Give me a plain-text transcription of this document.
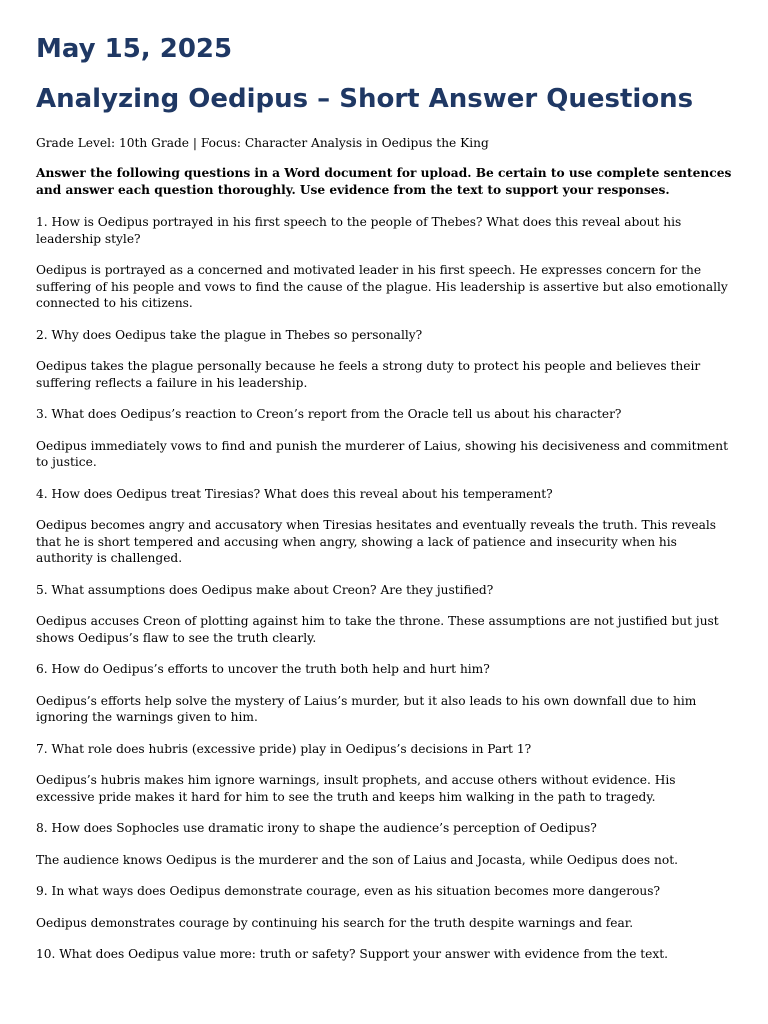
May 15, 2025
Analyzing Oedipus – Short Answer Questions

Grade Level: 10th Grade | Focus: Character Analysis in Oedipus the King

Answer the following questions in a Word document for upload. Be certain to use complete sentences and answer each question thoroughly. Use evidence from the text to support your responses.

1. How is Oedipus portrayed in his first speech to the people of Thebes? What does this reveal about his leadership style?

Oedipus is portrayed as a concerned and motivated leader in his first speech. He expresses concern for the suffering of his people and vows to find the cause of the plague. His leadership is assertive but also emotionally connected to his citizens.

2. Why does Oedipus take the plague in Thebes so personally?

Oedipus takes the plague personally because he feels a strong duty to protect his people and believes their suffering reflects a failure in his leadership.

3. What does Oedipus’s reaction to Creon’s report from the Oracle tell us about his character?

Oedipus immediately vows to find and punish the murderer of Laius, showing his decisiveness and commitment to justice.

4. How does Oedipus treat Tiresias? What does this reveal about his temperament?

Oedipus becomes angry and accusatory when Tiresias hesitates and eventually reveals the truth. This reveals that he is short tempered and accusing when angry, showing a lack of patience and insecurity when his authority is challenged.

5. What assumptions does Oedipus make about Creon? Are they justified?

Oedipus accuses Creon of plotting against him to take the throne. These assumptions are not justified but just shows Oedipus’s flaw to see the truth clearly.

6. How do Oedipus’s efforts to uncover the truth both help and hurt him?

Oedipus’s efforts help solve the mystery of Laius’s murder, but it also leads to his own downfall due to him ignoring the warnings given to him.

7. What role does hubris (excessive pride) play in Oedipus’s decisions in Part 1?

Oedipus’s hubris makes him ignore warnings, insult prophets, and accuse others without evidence. His excessive pride makes it hard for him to see the truth and keeps him walking in the path to tragedy.

8. How does Sophocles use dramatic irony to shape the audience’s perception of Oedipus?

The audience knows Oedipus is the murderer and the son of Laius and Jocasta, while Oedipus does not.

9. In what ways does Oedipus demonstrate courage, even as his situation becomes more dangerous?

Oedipus demonstrates courage by continuing his search for the truth despite warnings and fear.

10. What does Oedipus value more: truth or safety? Support your answer with evidence from the text.
